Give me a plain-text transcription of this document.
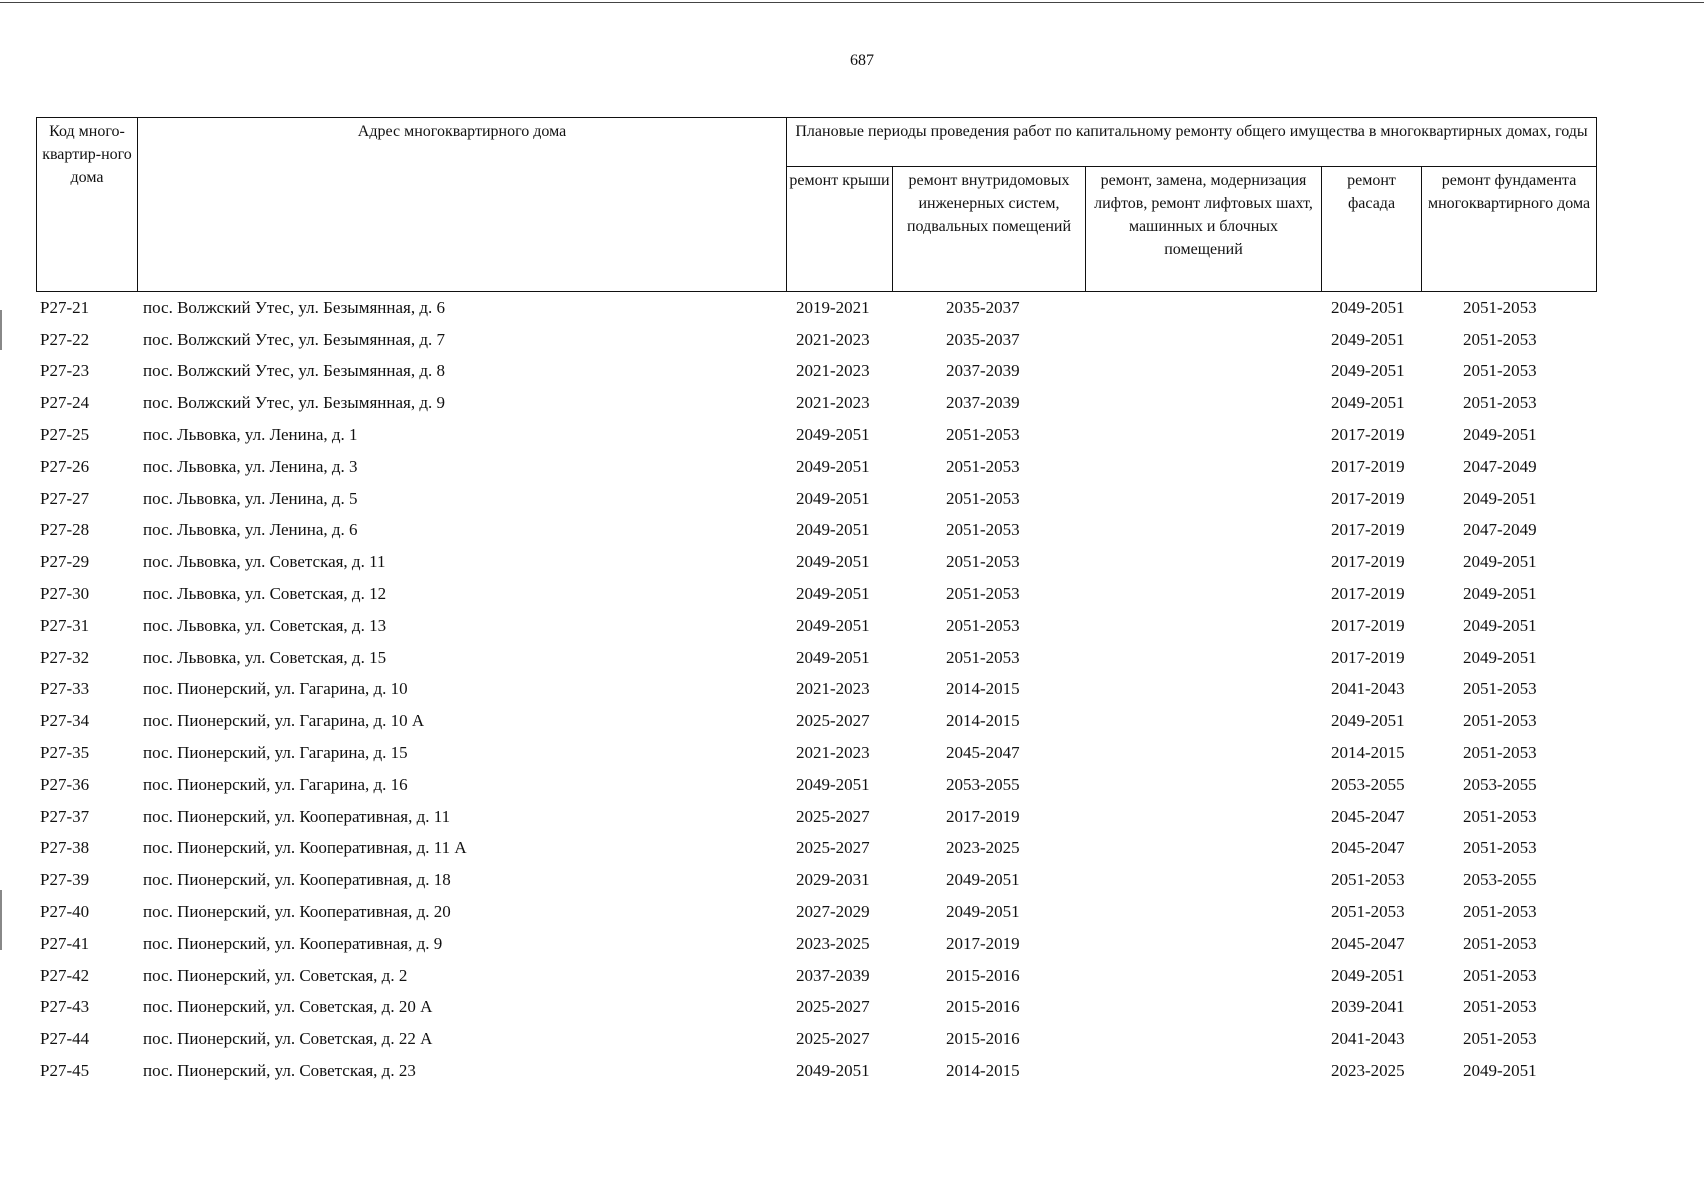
687
Код много-квартир-ного дома	Адрес многоквартирного дома	Плановые периоды проведения работ по капитальному ремонту общего имущества в многоквартирных домах, годы				
		ремонт крыши	ремонт внутридомовых инженерных систем, подвальных помещений	ремонт, замена, модернизация лифтов, ремонт лифтовых шахт, машинных и блочных помещений	ремонт фасада	ремонт фундамента многоквартирного дома
Р27-21	пос. Волжский Утес, ул. Безымянная, д. 6	2019-2021	2035-2037		2049-2051	2051-2053
Р27-22	пос. Волжский Утес, ул. Безымянная, д. 7	2021-2023	2035-2037		2049-2051	2051-2053
Р27-23	пос. Волжский Утес, ул. Безымянная, д. 8	2021-2023	2037-2039		2049-2051	2051-2053
Р27-24	пос. Волжский Утес, ул. Безымянная, д. 9	2021-2023	2037-2039		2049-2051	2051-2053
Р27-25	пос. Львовка, ул. Ленина, д. 1	2049-2051	2051-2053		2017-2019	2049-2051
Р27-26	пос. Львовка, ул. Ленина, д. 3	2049-2051	2051-2053		2017-2019	2047-2049
Р27-27	пос. Львовка, ул. Ленина, д. 5	2049-2051	2051-2053		2017-2019	2049-2051
Р27-28	пос. Львовка, ул. Ленина, д. 6	2049-2051	2051-2053		2017-2019	2047-2049
Р27-29	пос. Львовка, ул. Советская, д. 11	2049-2051	2051-2053		2017-2019	2049-2051
Р27-30	пос. Львовка, ул. Советская, д. 12	2049-2051	2051-2053		2017-2019	2049-2051
Р27-31	пос. Львовка, ул. Советская, д. 13	2049-2051	2051-2053		2017-2019	2049-2051
Р27-32	пос. Львовка, ул. Советская, д. 15	2049-2051	2051-2053		2017-2019	2049-2051
Р27-33	пос. Пионерский, ул. Гагарина, д. 10	2021-2023	2014-2015		2041-2043	2051-2053
Р27-34	пос. Пионерский, ул. Гагарина, д. 10 А	2025-2027	2014-2015		2049-2051	2051-2053
Р27-35	пос. Пионерский, ул. Гагарина, д. 15	2021-2023	2045-2047		2014-2015	2051-2053
Р27-36	пос. Пионерский, ул. Гагарина, д. 16	2049-2051	2053-2055		2053-2055	2053-2055
Р27-37	пос. Пионерский, ул. Кооперативная, д. 11	2025-2027	2017-2019		2045-2047	2051-2053
Р27-38	пос. Пионерский, ул. Кооперативная, д. 11 А	2025-2027	2023-2025		2045-2047	2051-2053
Р27-39	пос. Пионерский, ул. Кооперативная, д. 18	2029-2031	2049-2051		2051-2053	2053-2055
Р27-40	пос. Пионерский, ул. Кооперативная, д. 20	2027-2029	2049-2051		2051-2053	2051-2053
Р27-41	пос. Пионерский, ул. Кооперативная, д. 9	2023-2025	2017-2019		2045-2047	2051-2053
Р27-42	пос. Пионерский, ул. Советская, д. 2	2037-2039	2015-2016		2049-2051	2051-2053
Р27-43	пос. Пионерский, ул. Советская, д. 20 А	2025-2027	2015-2016		2039-2041	2051-2053
Р27-44	пос. Пионерский, ул. Советская, д. 22 А	2025-2027	2015-2016		2041-2043	2051-2053
Р27-45	пос. Пионерский, ул. Советская, д. 23	2049-2051	2014-2015		2023-2025	2049-2051
